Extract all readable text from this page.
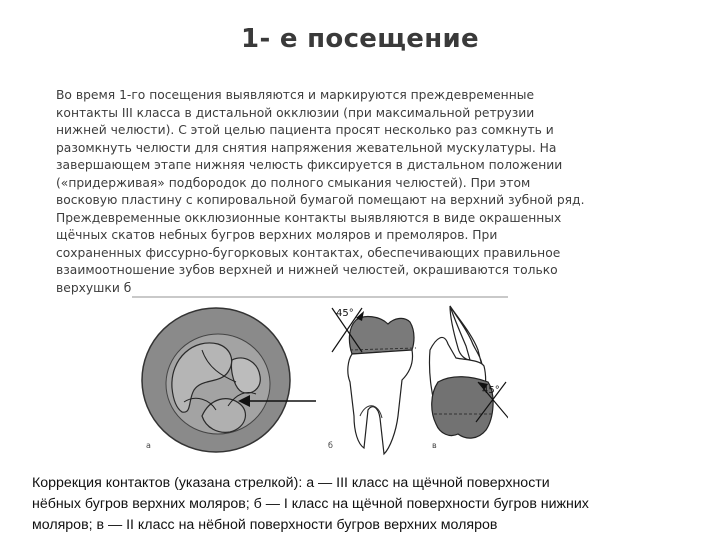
1- е посещение
Во время 1-го посещения выявляются и маркируются преждевременные
контакты III класса в дистальной окклюзии (при максимальной ретрузии
нижней челюсти). С этой целью пациента просят несколько раз сомкнуть и
разомкнуть челюсти для снятия напряжения жевательной мускулатуры. На
завершающем этапе нижняя челюсть фиксируется в дистальном положении
(«придерживая» подбородок до полного смыкания челюстей). При этом
восковую пластину с копировальной бумагой помещают на верхний зубной ряд.
Преждевременные окклюзионные контакты выявляются в виде окрашенных
щёчных скатов небных бугров верхних моляров и премоляров. При
сохраненных фиссурно-бугорковых контактах, обеспечивающих правильное
взаимоотношение зубов верхней и нижней челюстей, окрашиваются только
верхушки б
а
45°
б
45°
в
Коррекция контактов (указана стрелкой): а — III класс на щёчной поверхности
нёбных бугров верхних моляров; б — I класс на щёчной поверхности бугров нижних
моляров; в — II класс на нёбной поверхности бугров верхних моляров
